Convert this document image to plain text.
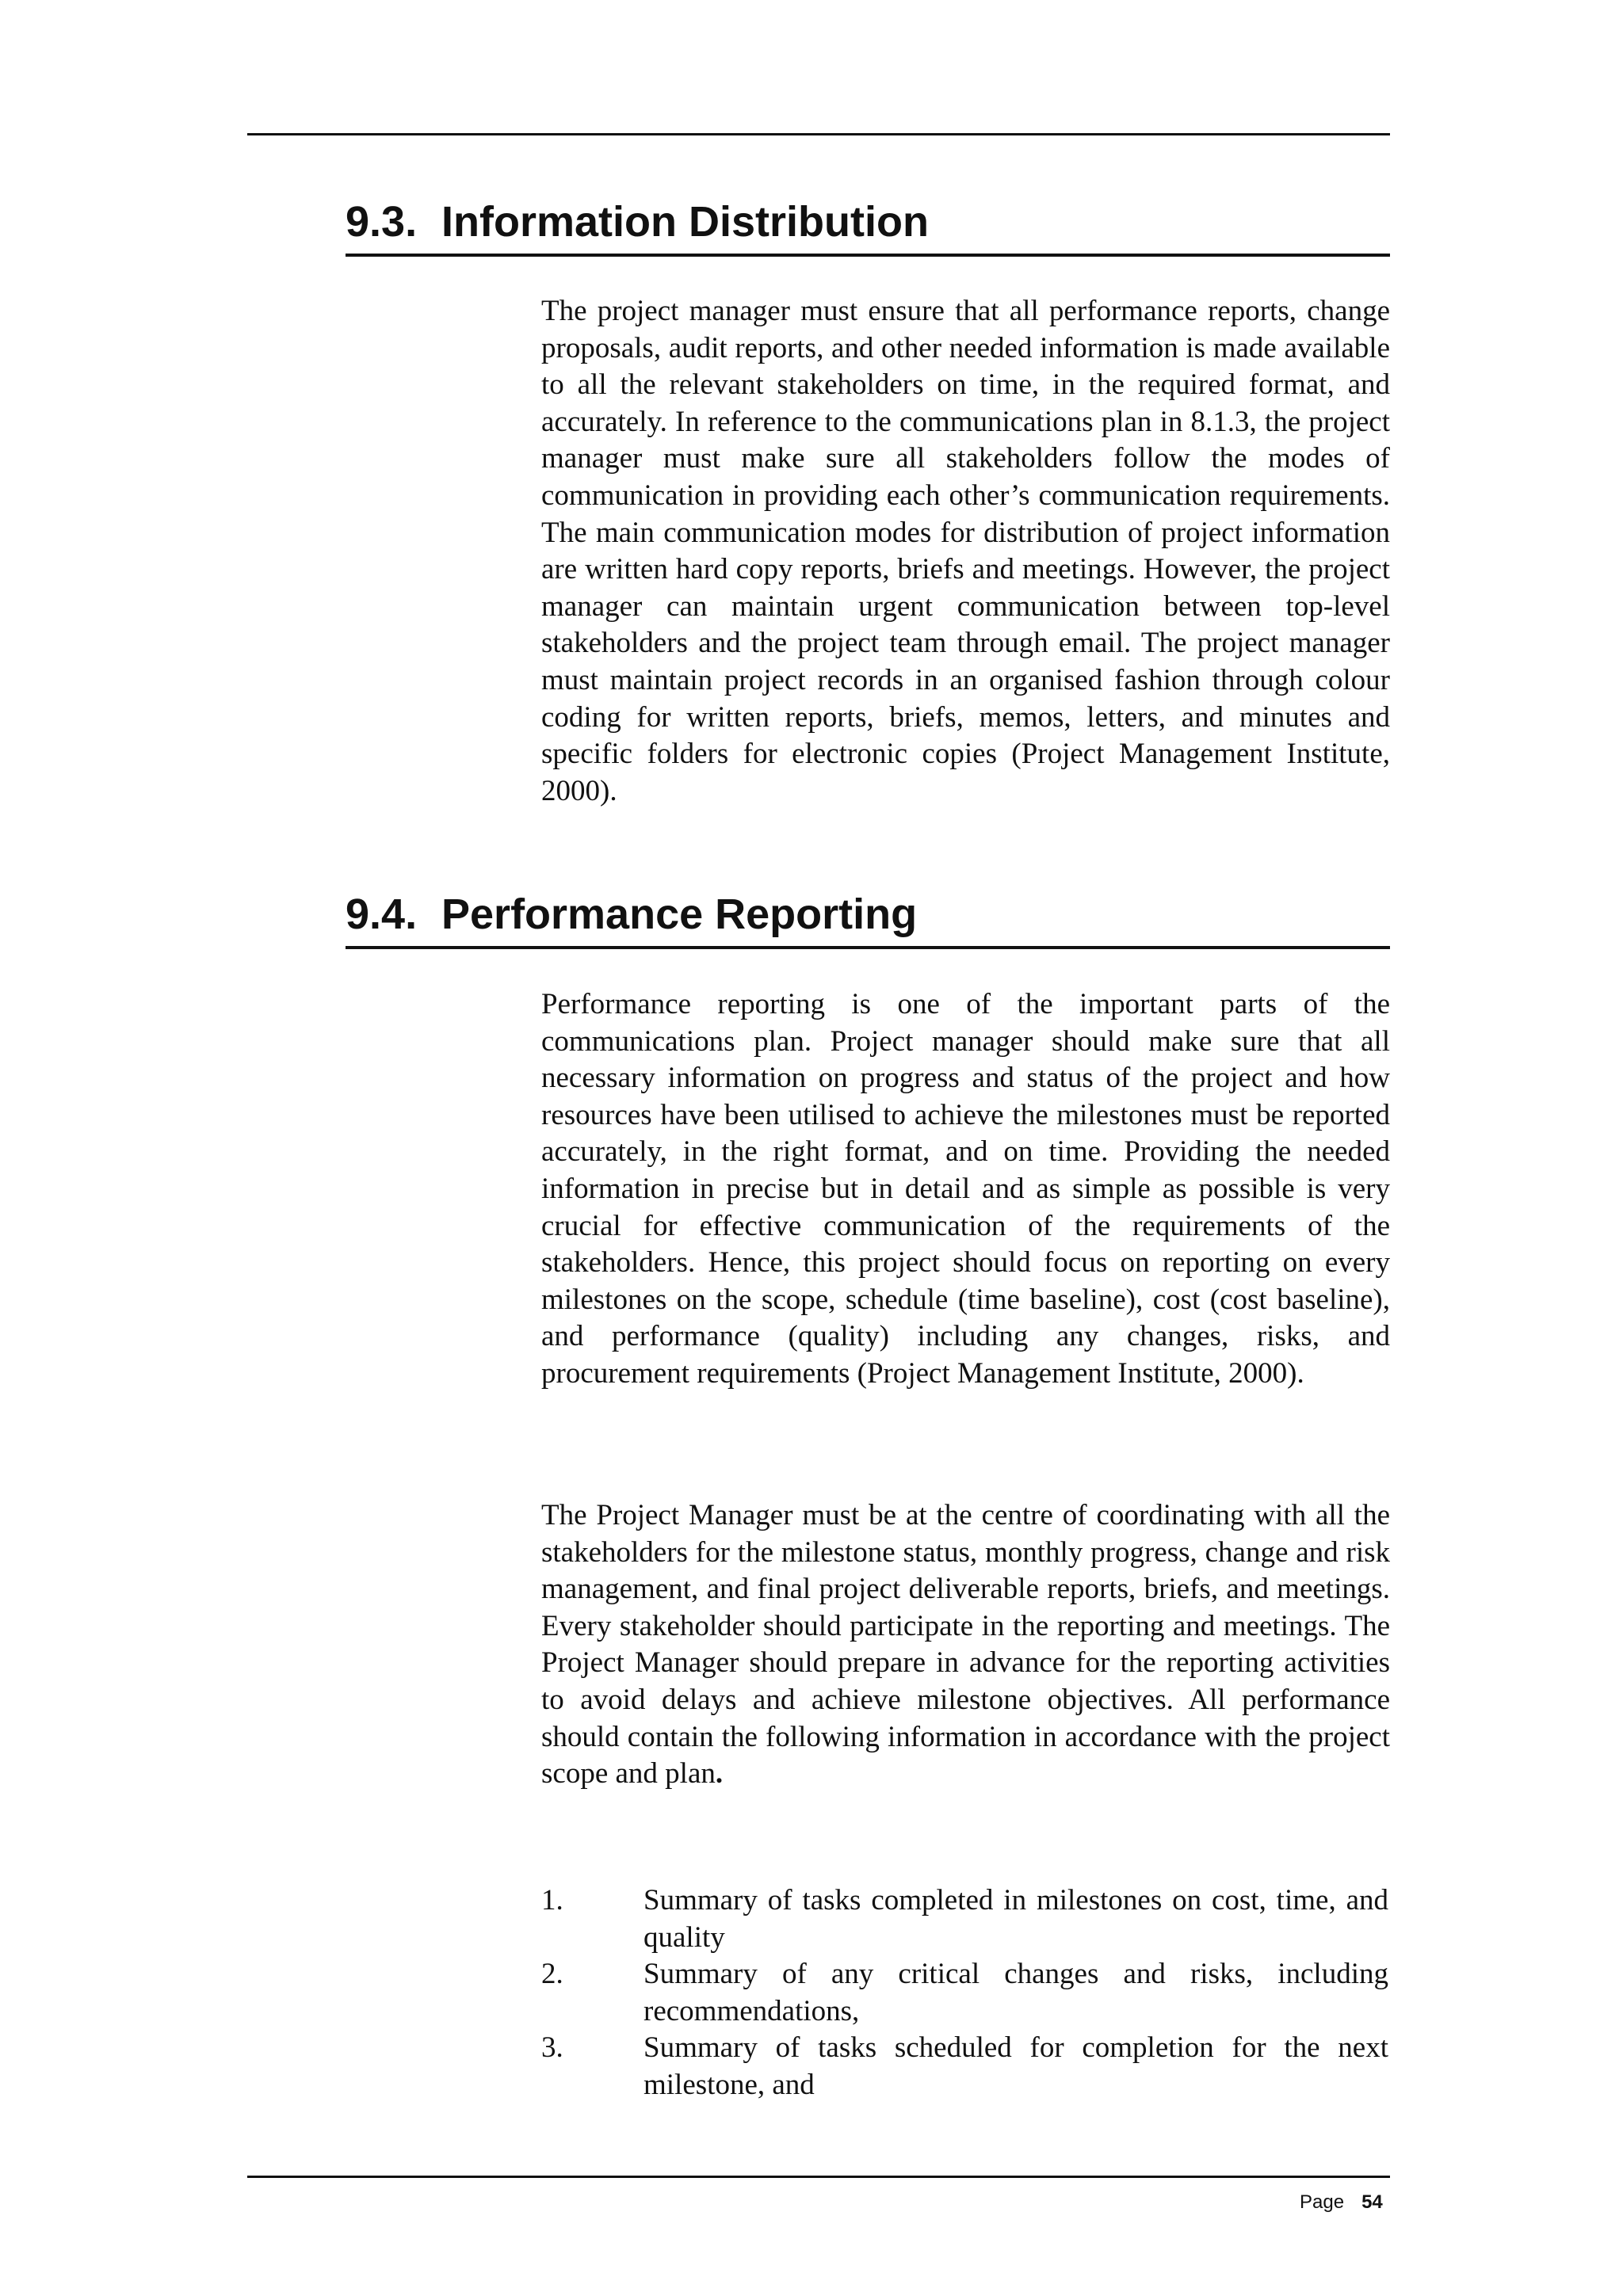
9.3. Information Distribution

The project manager must ensure that all performance reports, change proposals, audit reports, and other needed information is made available to all the relevant stakeholders on time, in the required format, and accurately. In reference to the communications plan in 8.1.3, the project manager must make sure all stakeholders follow the modes of communication in providing each other’s communication requirements. The main communication modes for distribution of project information are written hard copy reports, briefs and meetings. However, the project manager can maintain urgent communication between top-level stakeholders and the project team through email. The project manager must maintain project records in an organised fashion through colour coding for written reports, briefs, memos, letters, and minutes and specific folders for electronic copies (Project Management Institute, 2000).

9.4. Performance Reporting

Performance reporting is one of the important parts of the communications plan. Project manager should make sure that all necessary information on progress and status of the project and how resources have been utilised to achieve the milestones must be reported accurately, in the right format, and on time. Providing the needed information in precise but in detail and as simple as possible is very crucial for effective communication of the requirements of the stakeholders. Hence, this project should focus on reporting on every milestones on the scope, schedule (time baseline), cost (cost baseline), and performance (quality) including any changes, risks, and procurement requirements (Project Management Institute, 2000).

The Project Manager must be at the centre of coordinating with all the stakeholders for the milestone status, monthly progress, change and risk management, and final project deliverable reports, briefs, and meetings. Every stakeholder should participate in the reporting and meetings. The Project Manager should prepare in advance for the reporting activities to avoid delays and achieve milestone objectives. All performance should contain the following information in accordance with the project scope and plan.

1.	Summary of tasks completed in milestones on cost, time, and quality
2.	Summary of any critical changes and risks, including recommendations,
3.	Summary of tasks scheduled for completion for the next milestone, and
Page 54
